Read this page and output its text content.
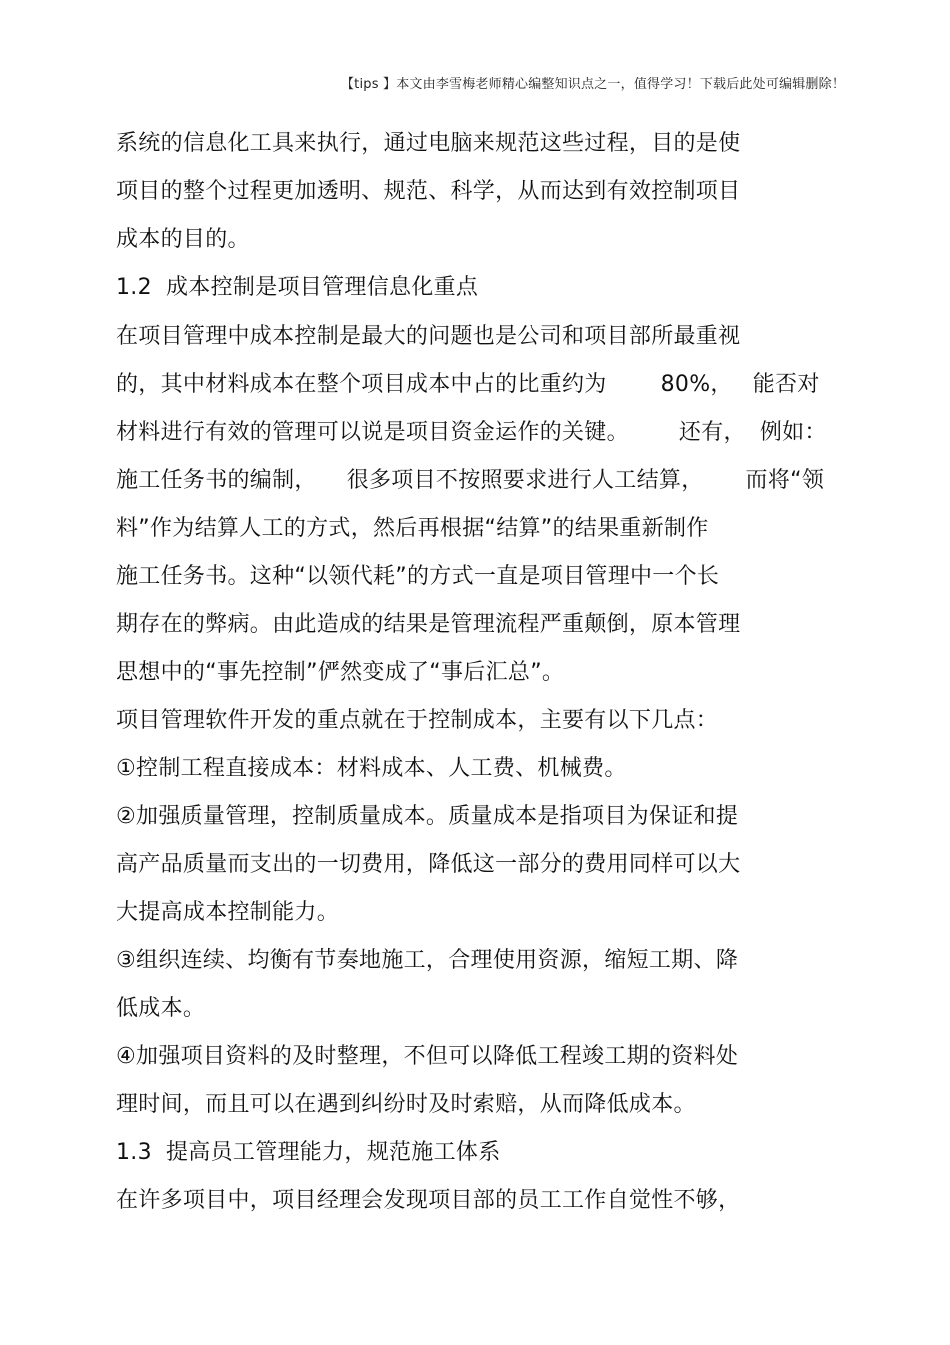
【tips 】本文由李雪梅老师精心编整知识点之一，值得学习！下载后此处可编辑删除！
系统的信息化工具来执行，通过电脑来规范这些过程，目的是使
项目的整个过程更加透明、规范、科学，从而达到有效控制项目
成本的目的。
1.2 成本控制是项目管理信息化重点
在项目管理中成本控制是最大的问题也是公司和项目部所最重视
的，其中材料成本在整个项目成本中占的比重约为 80%， 能否对
材料进行有效的管理可以说是项目资金运作的关键。 还有， 例如：
施工任务书的编制， 很多项目不按照要求进行人工结算， 而将“领
料”作为结算人工的方式，然后再根据“结算”的结果重新制作
施工任务书。这种“以领代耗”的方式一直是项目管理中一个长
期存在的弊病。由此造成的结果是管理流程严重颠倒，原本管理
思想中的“事先控制”俨然变成了“事后汇总”。
项目管理软件开发的重点就在于控制成本，主要有以下几点：
①控制工程直接成本：材料成本、人工费、机械费。
②加强质量管理，控制质量成本。质量成本是指项目为保证和提
高产品质量而支出的一切费用，降低这一部分的费用同样可以大
大提高成本控制能力。
③组织连续、均衡有节奏地施工，合理使用资源，缩短工期、降
低成本。
④加强项目资料的及时整理，不但可以降低工程竣工期的资料处
理时间，而且可以在遇到纠纷时及时索赔，从而降低成本。
1.3 提高员工管理能力，规范施工体系
在许多项目中，项目经理会发现项目部的员工工作自觉性不够，
